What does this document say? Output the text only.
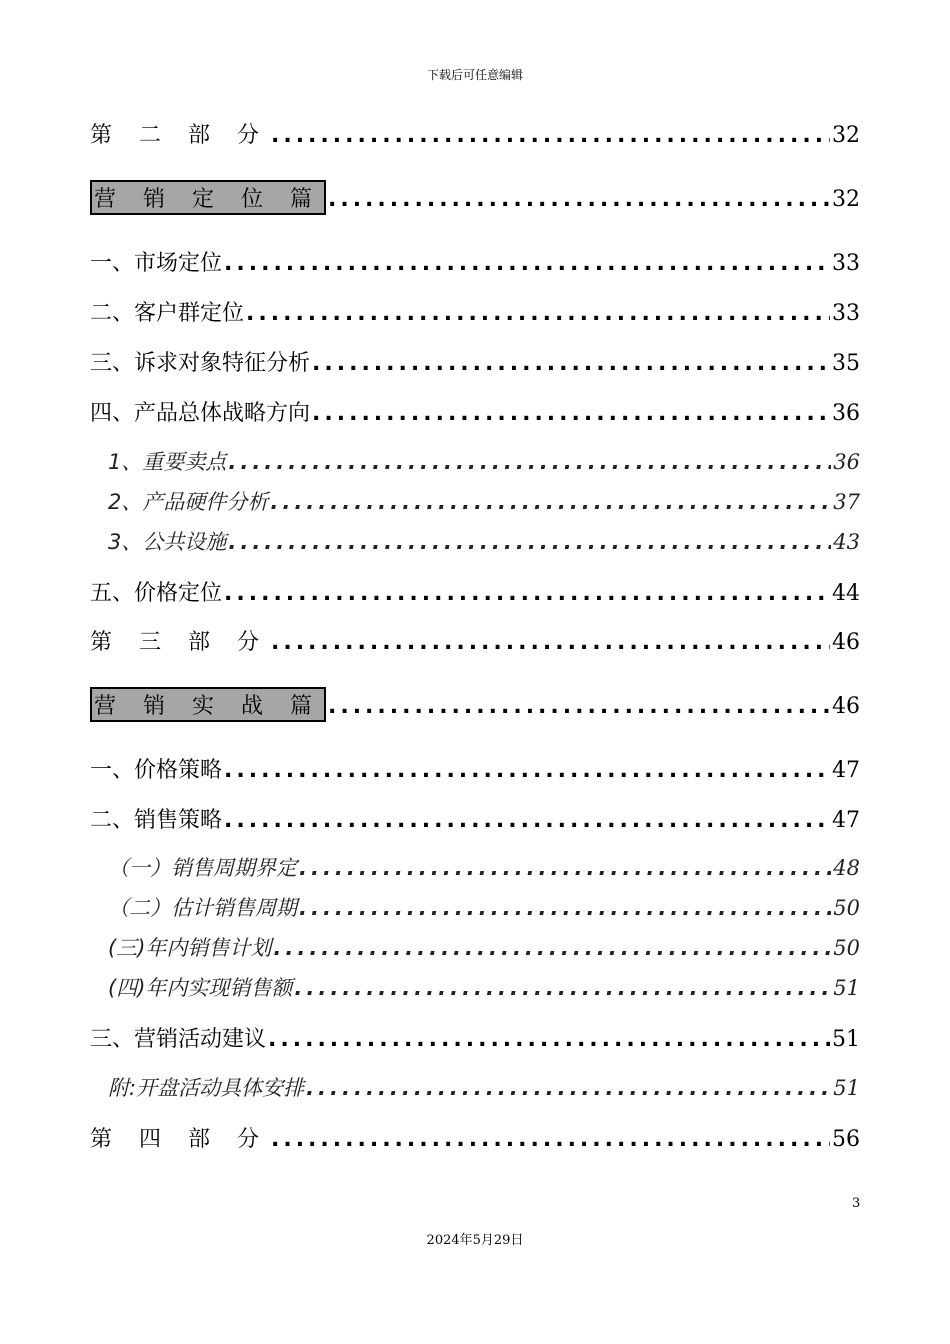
下载后可任意编辑
第 二 部 分 .....	32
营 销 定 位 篇 .....	32
一、市场定位 .....	33
二、客户群定位 .....	33
三、诉求对象特征分析 .....	35
四、产品总体战略方向 .....	36
1、重要卖点 .....	36
2、产品硬件分析 .....	37
3、公共设施 .....	43
五、价格定位 .....	44
第 三 部 分 .....	46
营 销 实 战 篇 .....	46
一、价格策略 .....	47
二、销售策略 .....	47
（一）销售周期界定 .....	48
（二）估计销售周期 .....	50
(三)年内销售计划 .....	50
(四)年内实现销售额 .....	51
三、营销活动建议 .....	51
附:开盘活动具体安排 .....	51
第 四 部 分 .....	56
3
2024年5月29日
